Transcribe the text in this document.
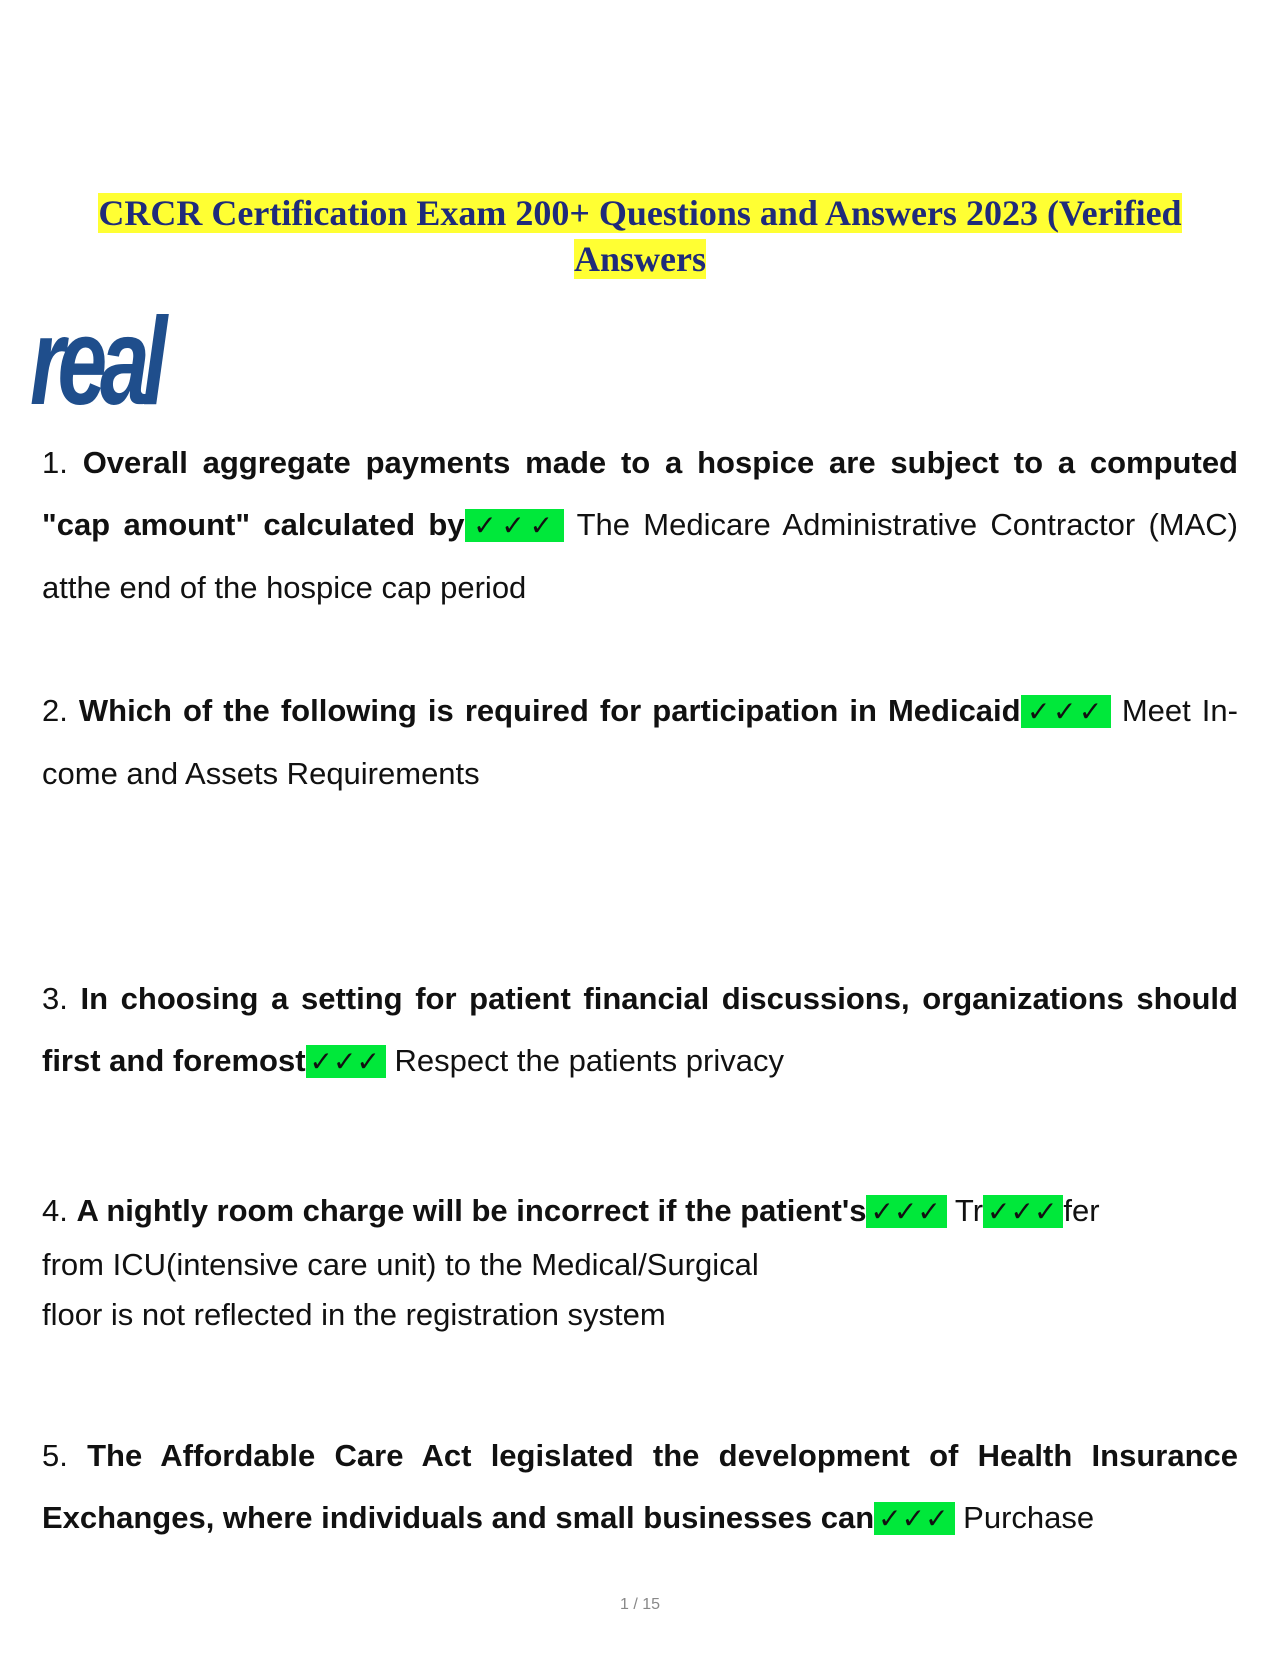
CRCR Certification Exam 200+ Questions and Answers 2023 (Verified
Answers
real
1. Overall aggregate payments made to a hospice are subject to a computed "cap amount" calculated by ✓✓✓ The Medicare Administrative Contractor (MAC) atthe end of the hospice cap period
2. Which of the following is required for participation in Medicaid ✓✓✓ Meet In-come and Assets Requirements
3. In choosing a setting for patient financial discussions, organizations should first and foremost ✓✓✓ Respect the patients privacy
4. A nightly room charge will be incorrect if the patient's ✓✓✓ Tr ✓✓✓ fer
from ICU(intensive care unit) to the Medical/Surgical
floor is not reflected in the registration system
5. The Affordable Care Act legislated the development of Health Insurance Exchanges, where individuals and small businesses can ✓✓✓ Purchase
1 / 15
